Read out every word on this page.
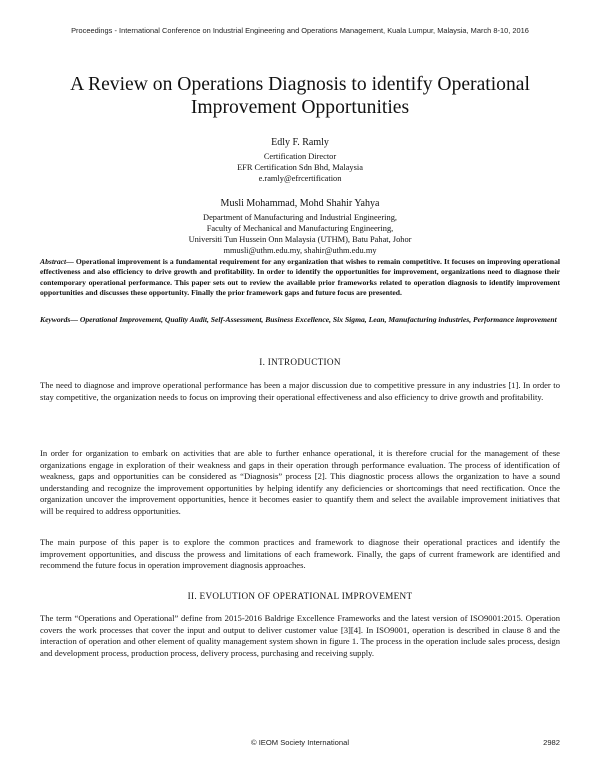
Proceedings - International Conference on Industrial Engineering and Operations Management, Kuala Lumpur, Malaysia, March 8-10, 2016
A Review on Operations Diagnosis to identify Operational
Improvement Opportunities
Edly F. Ramly
Certification Director
EFR Certification Sdn Bhd, Malaysia
e.ramly@efrcertification
Musli Mohammad, Mohd Shahir Yahya
Department of Manufacturing and Industrial Engineering,
Faculty of Mechanical and Manufacturing Engineering,
Universiti Tun Hussein Onn Malaysia (UTHM), Batu Pahat, Johor
mmusli@uthm.edu.my, shahir@uthm.edu.my
Abstract— Operational improvement is a fundamental requirement for any organization that wishes to remain competitive. It focuses on improving operational effectiveness and also efficiency to drive growth and profitability. In order to identify the opportunities for improvement, organizations need to diagnose their contemporary operational performance. This paper sets out to review the available prior frameworks related to operation diagnosis to identify improvement opportunities and discusses these opportunity. Finally the prior framework gaps and future focus are presented.
Keywords— Operational Improvement, Quality Audit, Self-Assessment, Business Excellence, Six Sigma, Lean, Manufacturing industries, Performance improvement
I. INTRODUCTION
The need to diagnose and improve operational performance has been a major discussion due to competitive pressure in any industries [1]. In order to stay competitive, the organization needs to focus on improving their operational effectiveness and also efficiency to drive growth and profitability.
In order for organization to embark on activities that are able to further enhance operational, it is therefore crucial for the management of these organizations engage in exploration of their weakness and gaps in their operation through performance evaluation. The process of identification of weakness, gaps and opportunities can be considered as “Diagnosis” process [2]. This diagnostic process allows the organization to have a sound understanding and recognize the improvement opportunities by helping identify any deficiencies or shortcomings that need rectification. Once the organization uncover the improvement opportunities, hence it becomes easier to quantify them and select the available improvement initiatives that will be required to address opportunities.
The main purpose of this paper is to explore the common practices and framework to diagnose their operational practices and identify the improvement opportunities, and discuss the prowess and limitations of each framework. Finally, the gaps of current framework are identified and recommend the future focus in operation improvement diagnosis approaches.
II. EVOLUTION OF OPERATIONAL IMPROVEMENT
The term “Operations and Operational” define from 2015-2016 Baldrige Excellence Frameworks and the latest version of ISO9001:2015. Operation covers the work processes that cover the input and output to deliver customer value [3][4]. In ISO9001, operation is described in clause 8 and the interaction of operation and other element of quality management system shown in figure 1. The process in the operation include sales process, design and development process, production process, delivery process, purchasing and receiving supply.
© IEOM Society International	2982
